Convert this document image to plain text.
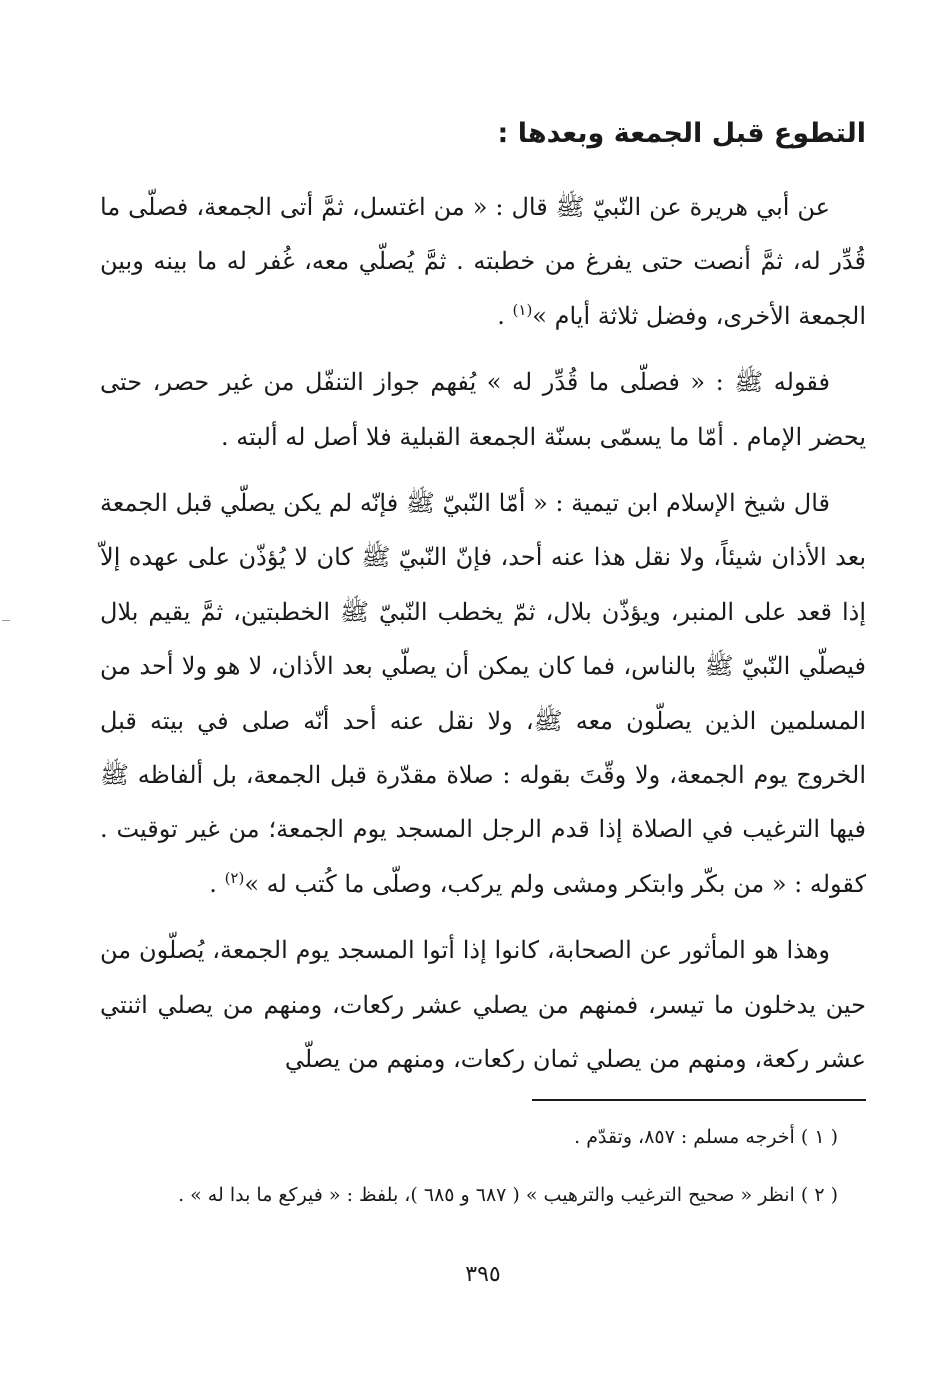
التطوع قبل الجمعة وبعدها :

عن أبي هريرة عن النّبيّ ﷺ قال : « من اغتسل، ثمَّ أتى الجمعة، فصلّى ما قُدِّر له، ثمَّ أنصت حتى يفرغ من خطبته . ثمَّ يُصلّي معه، غُفر له ما بينه وبين الجمعة الأخرى، وفضل ثلاثة أيام »$^{(١)}$ .

فقوله ﷺ : « فصلّى ما قُدِّر له » يُفهم جواز التنفّل من غير حصر، حتى يحضر الإمام . أمّا ما يسمّى بسنّة الجمعة القبلية فلا أصل له ألبته .

قال شيخ الإسلام ابن تيمية : « أمّا النّبيّ ﷺ فإنّه لم يكن يصلّي قبل الجمعة بعد الأذان شيئاً، ولا نقل هذا عنه أحد، فإنّ النّبيّ ﷺ كان لا يُؤذّن على عهده إلاّ إذا قعد على المنبر، ويؤذّن بلال، ثمّ يخطب النّبيّ ﷺ الخطبتين، ثمَّ يقيم بلال فيصلّي النّبيّ ﷺ بالناس، فما كان يمكن أن يصلّي بعد الأذان، لا هو ولا أحد من المسلمين الذين يصلّون معه ﷺ، ولا نقل عنه أحد أنّه صلى في بيته قبل الخروج يوم الجمعة، ولا وقّتَ بقوله : صلاة مقدّرة قبل الجمعة، بل ألفاظه ﷺ فيها الترغيب في الصلاة إذا قدم الرجل المسجد يوم الجمعة؛ من غير توقيت . كقوله : « من بكّر وابتكر ومشى ولم يركب، وصلّى ما كُتب له »$^{(٢)}$ .

وهذا هو المأثور عن الصحابة، كانوا إذا أتوا المسجد يوم الجمعة، يُصلّون من حين يدخلون ما تيسر، فمنهم من يصلي عشر ركعات، ومنهم من يصلي اثنتي عشر ركعة، ومنهم من يصلي ثمان ركعات، ومنهم من يصلّي

( ١ ) أخرجه مسلم : ٨٥٧، وتقدّم .

( ٢ ) انظر « صحيح الترغيب والترهيب » ( ٦٨٧ و ٦٨٥ )، بلفظ : « فيركع ما بدا له » .

٣٩٥
